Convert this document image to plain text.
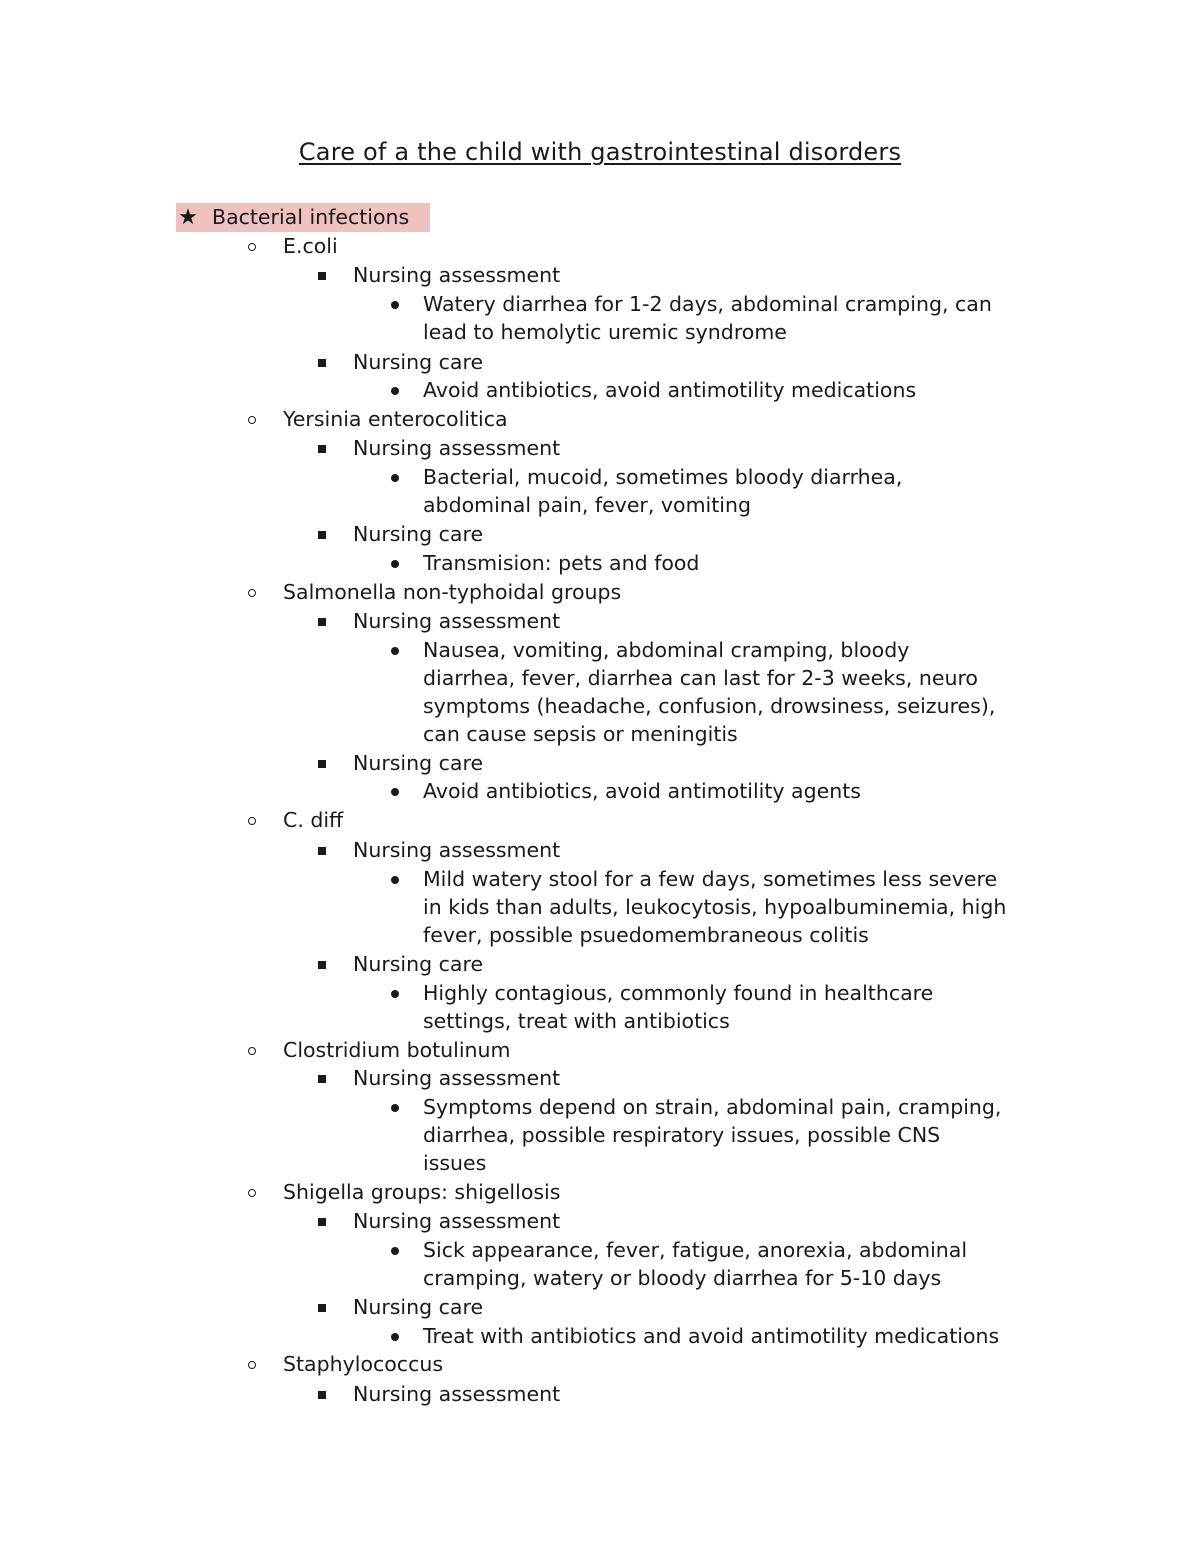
Care of a the child with gastrointestinal disorders
★ Bacterial infections
E.coli
Nursing assessment
Watery diarrhea for 1-2 days, abdominal cramping, can
lead to hemolytic uremic syndrome
Nursing care
Avoid antibiotics, avoid antimotility medications
Yersinia enterocolitica
Nursing assessment
Bacterial, mucoid, sometimes bloody diarrhea,
abdominal pain, fever, vomiting
Nursing care
Transmision: pets and food
Salmonella non-typhoidal groups
Nursing assessment
Nausea, vomiting, abdominal cramping, bloody
diarrhea, fever, diarrhea can last for 2-3 weeks, neuro
symptoms (headache, confusion, drowsiness, seizures),
can cause sepsis or meningitis
Nursing care
Avoid antibiotics, avoid antimotility agents
C. diff
Nursing assessment
Mild watery stool for a few days, sometimes less severe
in kids than adults, leukocytosis, hypoalbuminemia, high
fever, possible psuedomembraneous colitis
Nursing care
Highly contagious, commonly found in healthcare
settings, treat with antibiotics
Clostridium botulinum
Nursing assessment
Symptoms depend on strain, abdominal pain, cramping,
diarrhea, possible respiratory issues, possible CNS
issues
Shigella groups: shigellosis
Nursing assessment
Sick appearance, fever, fatigue, anorexia, abdominal
cramping, watery or bloody diarrhea for 5-10 days
Nursing care
Treat with antibiotics and avoid antimotility medications
Staphylococcus
Nursing assessment
